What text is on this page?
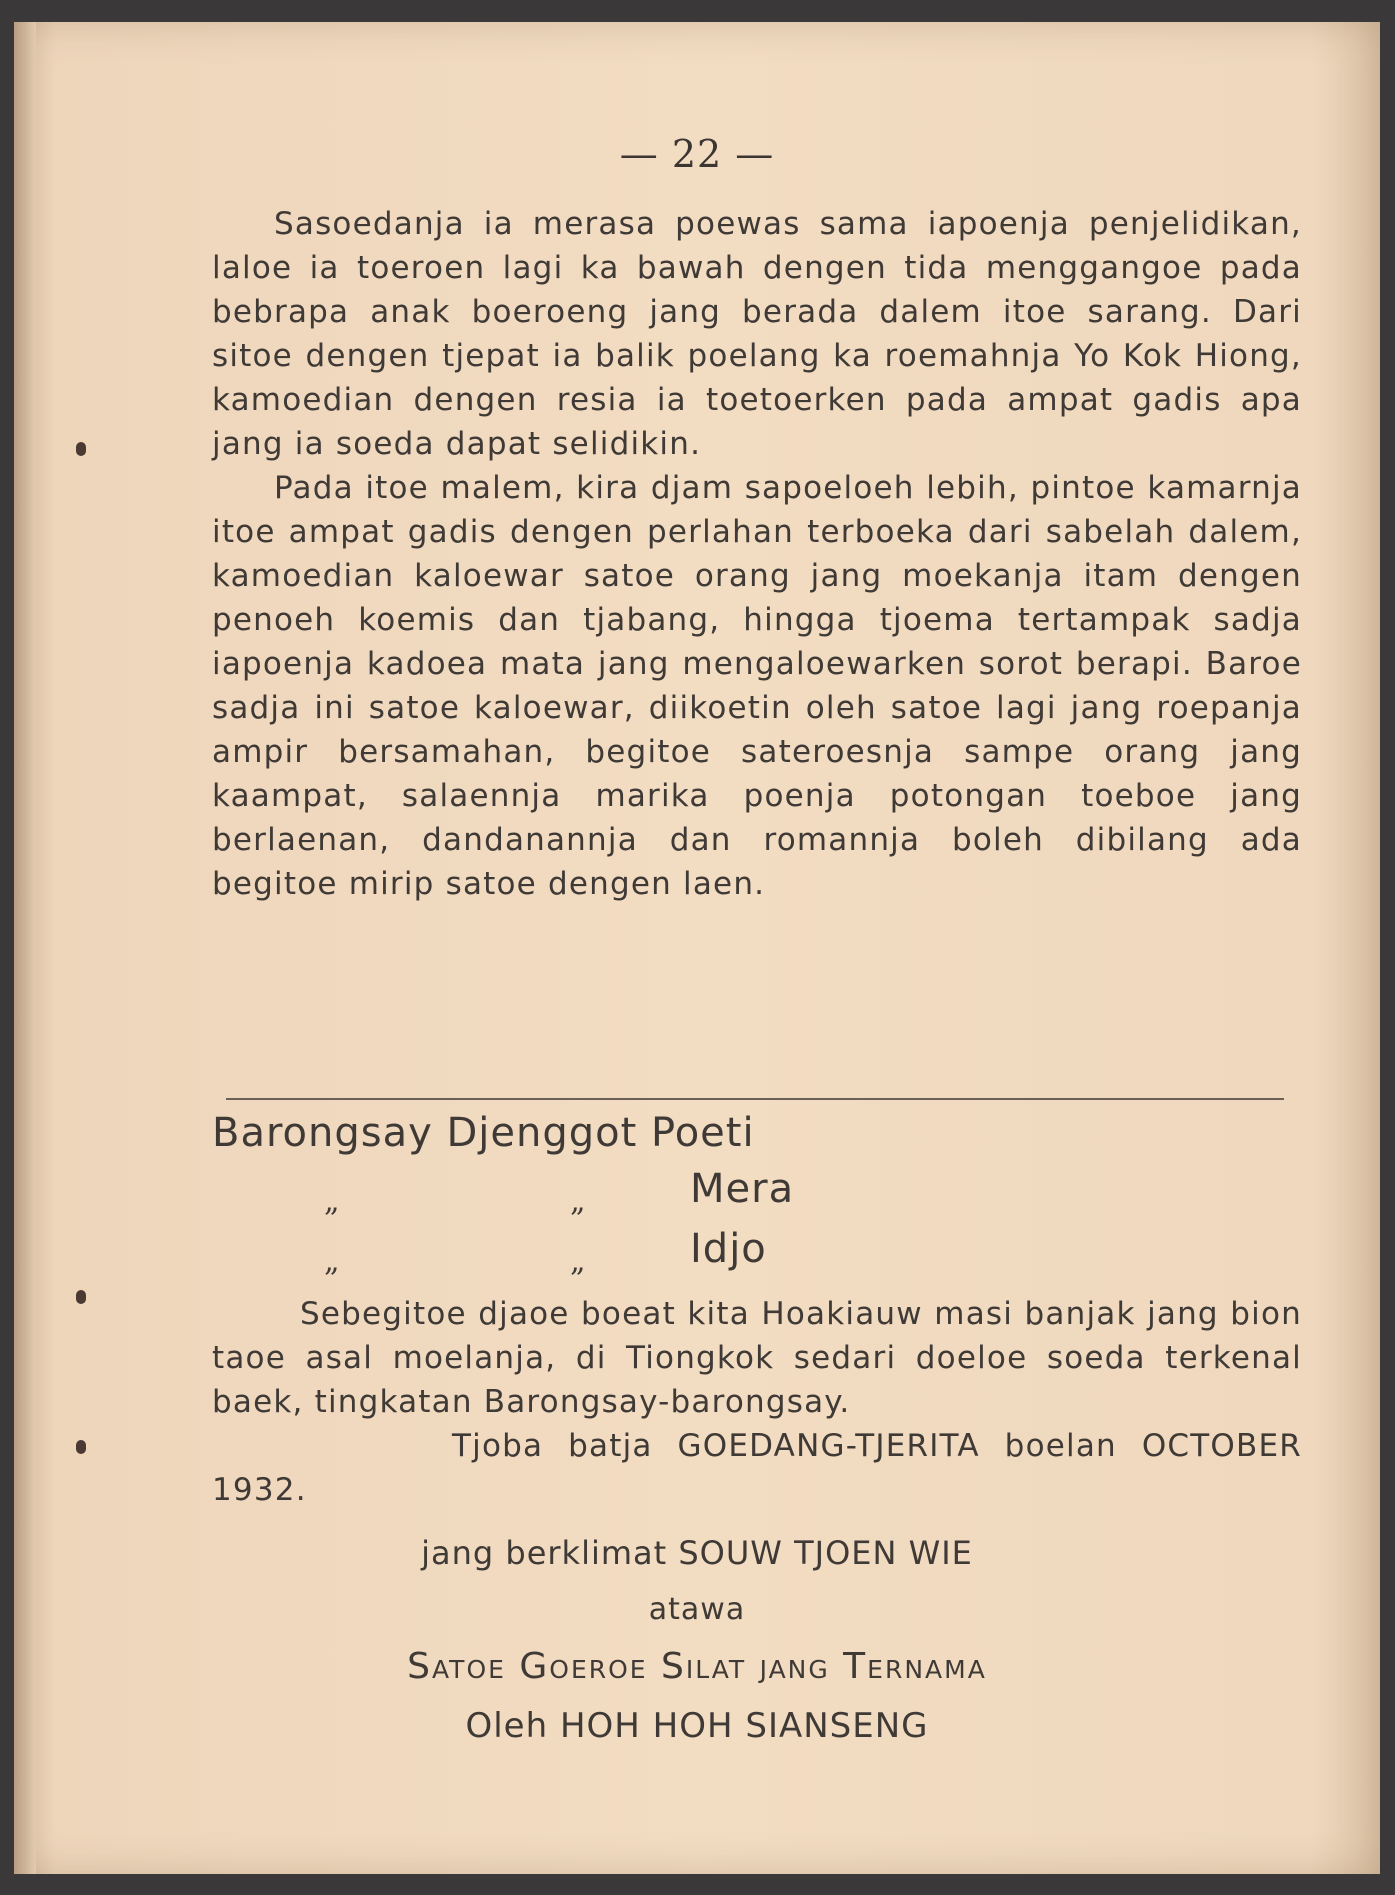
— 22 —

Sasoedanja ia merasa poewas sama iapoenja penjelidikan, laloe ia toeroen lagi ka bawah dengen tida menggangoe pada bebrapa anak boeroeng jang berada dalem itoe sarang. Dari sitoe dengen tjepat ia balik poelang ka roemahnja Yo Kok Hiong, kamoedian dengen resia ia toetoerken pada ampat gadis apa jang ia soeda dapat selidikin.

Pada itoe malem, kira djam sapoeloeh lebih, pintoe kamarnja itoe ampat gadis dengen perlahan terboeka dari sabelah dalem, kamoedian kaloewar satoe orang jang moekanja itam dengen penoeh koemis dan tjabang, hingga tjoema tertampak sadja iapoenja kadoea mata jang mengaloewarken sorot berapi. Baroe sadja ini satoe kaloewar, diikoetin oleh satoe lagi jang roepanja ampir bersamahan, begitoe sateroesnja sampe orang jang kaampat, salaennja marika poenja potongan toeboe jang berlaenan, dandanannja dan romannja boleh dibilang ada begitoe mirip satoe dengen laen.

Barongsay Djenggot Poeti
„	„	Mera
„	„	Idjo

Sebegitoe djaoe boeat kita Hoakiauw masi banjak jang bion taoe asal moelanja, di Tiongkok sedari doeloe soeda terkenal baek, tingkatan Barongsay-barongsay.

Tjoba batja GOEDANG-TJERITA boelan OCTOBER 1932.

jang berklimat SOUW TJOEN WIE
atawa
Satoe Goeroe Silat jang Ternama
Oleh HOH HOH SIANSENG
